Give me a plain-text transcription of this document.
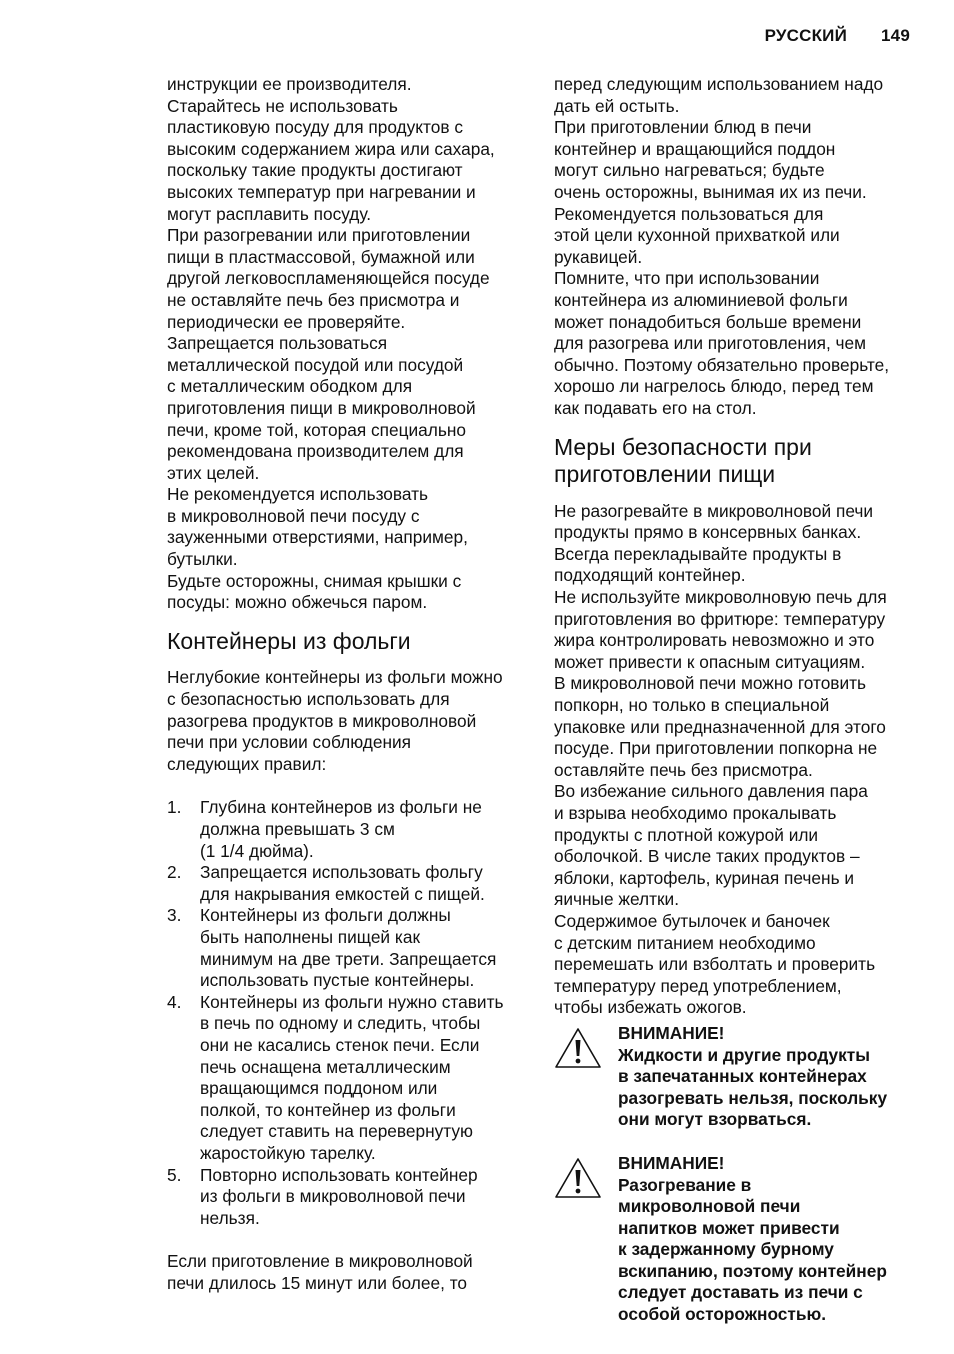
РУССКИЙ 149

инструкции ее производителя.
Старайтесь не использовать
пластиковую посуду для продуктов с
высоким содержанием жира или сахара,
поскольку такие продукты достигают
высоких температур при нагревании и
могут расплавить посуду.
При разогревании или приготовлении
пищи в пластмассовой, бумажной или
другой легковоспламеняющейся посуде
не оставляйте печь без присмотра и
периодически ее проверяйте.
Запрещается пользоваться
металлической посудой или посудой
с металлическим ободком для
приготовления пищи в микроволновой
печи, кроме той, которая специально
рекомендована производителем для
этих целей.
Не рекомендуется использовать
в микроволновой печи посуду с
зауженными отверстиями, например,
бутылки.
Будьте осторожны, снимая крышки с
посуды: можно обжечься паром.

Контейнеры из фольги

Неглубокие контейнеры из фольги можно
с безопасностью использовать для
разогрева продуктов в микроволновой
печи при условии соблюдения
следующих правил:

1.	Глубина контейнеров из фольги не
должна превышать 3 см
(1 1/4 дюйма).
2.	Запрещается использовать фольгу
для накрывания емкостей с пищей.
3.	Контейнеры из фольги должны
быть наполнены пищей как
минимум на две трети. Запрещается
использовать пустые контейнеры.
4.	Контейнеры из фольги нужно ставить
в печь по одному и следить, чтобы
они не касались стенок печи. Если
печь оснащена металлическим
вращающимся поддоном или
полкой, то контейнер из фольги
следует ставить на перевернутую
жаростойкую тарелку.
5.	Повторно использовать контейнер
из фольги в микроволновой печи
нельзя.

Если приготовление в микроволновой
печи длилось 15 минут или более, то

перед следующим использованием надо
дать ей остыть.
При приготовлении блюд в печи
контейнер и вращающийся поддон
могут сильно нагреваться; будьте
очень осторожны, вынимая их из печи.
Рекомендуется пользоваться для
этой цели кухонной прихваткой или
рукавицей.
Помните, что при использовании
контейнера из алюминиевой фольги
может понадобиться больше времени
для разогрева или приготовления, чем
обычно. Поэтому обязательно проверьте,
хорошо ли нагрелось блюдо, перед тем
как подавать его на стол.

Меры безопасности при
приготовлении пищи

Не разогревайте в микроволновой печи
продукты прямо в консервных банках.
Всегда перекладывайте продукты в
подходящий контейнер.
Не используйте микроволновую печь для
приготовления во фритюре: температуру
жира контролировать невозможно и это
может привести к опасным ситуациям.
В микроволновой печи можно готовить
попкорн, но только в специальной
упаковке или предназначенной для этого
посуде. При приготовлении попкорна не
оставляйте печь без присмотра.
Во избежание сильного давления пара
и взрыва необходимо прокалывать
продукты с плотной кожурой или
оболочкой. В числе таких продуктов –
яблоки, картофель, куриная печень и
яичные желтки.
Содержимое бутылочек и баночек
с детским питанием необходимо
перемешать или взболтать и проверить
температуру перед употреблением,
чтобы избежать ожогов.

ВНИМАНИЕ!
Жидкости и другие продукты
в запечатанных контейнерах
разогревать нельзя, поскольку
они могут взорваться.
ВНИМАНИЕ!
Разогревание в
микроволновой печи
напитков может привести
к задержанному бурному
вскипанию, поэтому контейнер
следует доставать из печи с
особой осторожностью.
